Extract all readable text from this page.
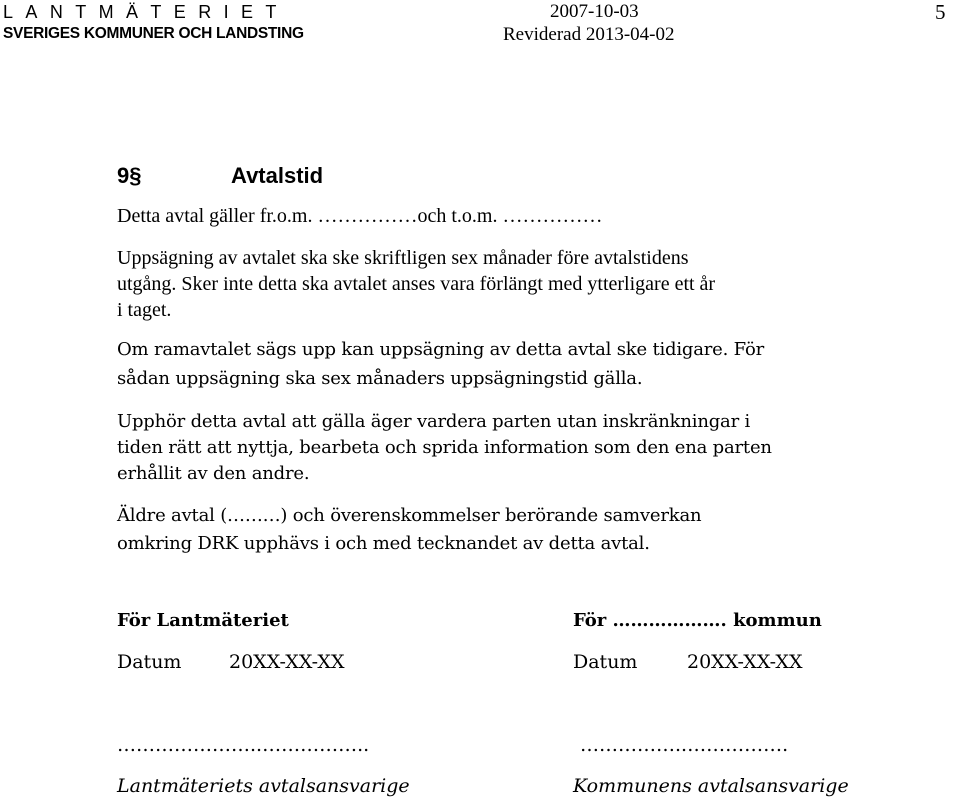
LANTMÄTERIET
SVERIGES KOMMUNER OCH LANDSTING
2007-10-03
Reviderad 2013-04-02
5
9§	Avtalstid
Detta avtal gäller fr.o.m. ……………och t.o.m. ……………
Uppsägning av avtalet ska ske skriftligen sex månader före avtalstidens
utgång. Sker inte detta ska avtalet anses vara förlängt med ytterligare ett år
i taget.
Om ramavtalet sägs upp kan uppsägning av detta avtal ske tidigare. För
sådan uppsägning ska sex månaders uppsägningstid gälla.
Upphör detta avtal att gälla äger vardera parten utan inskränkningar i
tiden rätt att nyttja, bearbeta och sprida information som den ena parten
erhållit av den andre.
Äldre avtal (………) och överenskommelser berörande samverkan
omkring DRK upphävs i och med tecknandet av detta avtal.
För Lantmäteriet
Datum	20XX-XX-XX
…………………..……………..
Lantmäteriets avtalsansvarige
För ………………. kommun
Datum	20XX-XX-XX
……………..…………….
Kommunens avtalsansvarige
